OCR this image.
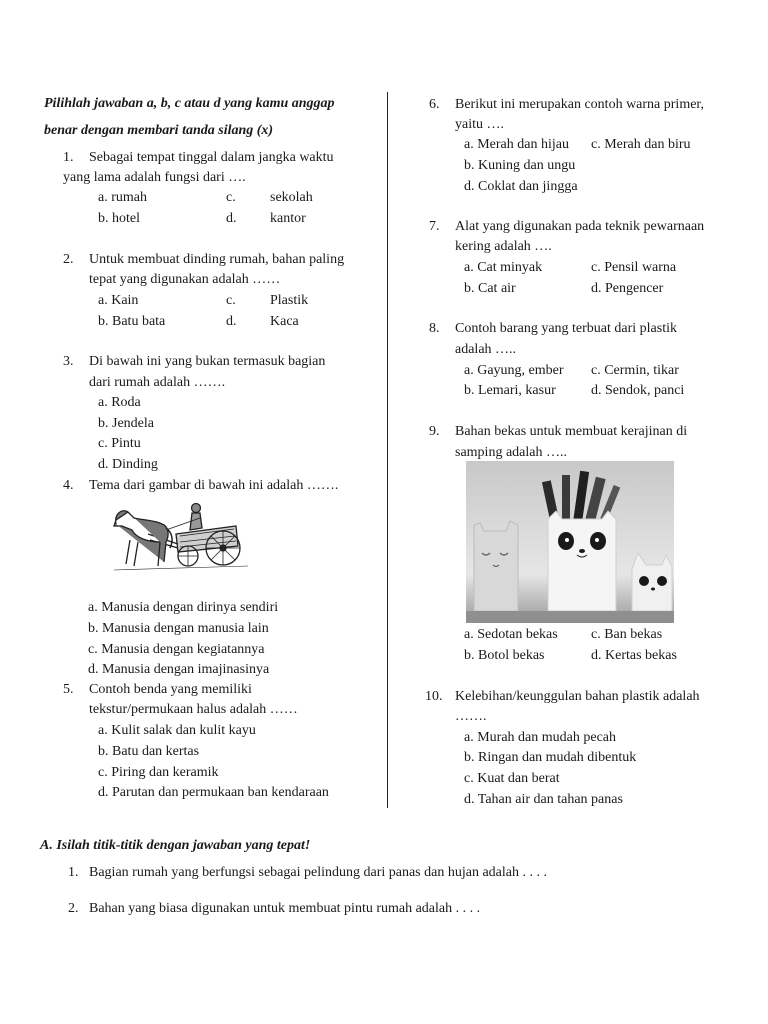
Pilihlah jawaban a, b, c atau d yang kamu anggap
benar dengan membari tanda silang (x)
1. Sebagai tempat tinggal dalam jangka waktu
yang lama adalah fungsi dari ….
a. rumah	c. sekolah
b. hotel	d. kantor
2. Untuk membuat dinding rumah, bahan paling
tepat yang digunakan adalah ……
a. Kain	c. Plastik
b. Batu bata	d. Kaca
3. Di bawah ini yang bukan termasuk bagian
dari rumah adalah …….
a. Roda
b. Jendela
c. Pintu
d. Dinding
4. Tema dari gambar di bawah ini adalah …….
a. Manusia dengan dirinya sendiri
b. Manusia dengan manusia lain
c. Manusia dengan kegiatannya
d. Manusia dengan imajinasinya
5. Contoh benda yang memiliki
tekstur/permukaan halus adalah ……
a. Kulit salak dan kulit kayu
b. Batu dan kertas
c. Piring dan keramik
d. Parutan dan permukaan ban kendaraan
6. Berikut ini merupakan contoh warna primer,
yaitu ….
a. Merah dan hijau c. Merah dan biru
b. Kuning dan ungu
d. Coklat dan jingga
7. Alat yang digunakan pada teknik pewarnaan
kering adalah ….
a. Cat minyak	c. Pensil warna
b. Cat air	d. Pengencer
8. Contoh barang yang terbuat dari plastik
adalah …..
a. Gayung, ember c. Cermin, tikar
b. Lemari, kasur	d. Sendok, panci
9. Bahan bekas untuk membuat kerajinan di
samping adalah …..
a. Sedotan bekas c. Ban bekas
b. Botol bekas	d. Kertas bekas
10. Kelebihan/keunggulan bahan plastik adalah
…….
a. Murah dan mudah pecah
b. Ringan dan mudah dibentuk
c. Kuat dan berat
d. Tahan air dan tahan panas
A. Isilah titik-titik dengan jawaban yang tepat!
1. Bagian rumah yang berfungsi sebagai pelindung dari panas dan hujan adalah . . . .
2. Bahan yang biasa digunakan untuk membuat pintu rumah adalah . . . .
